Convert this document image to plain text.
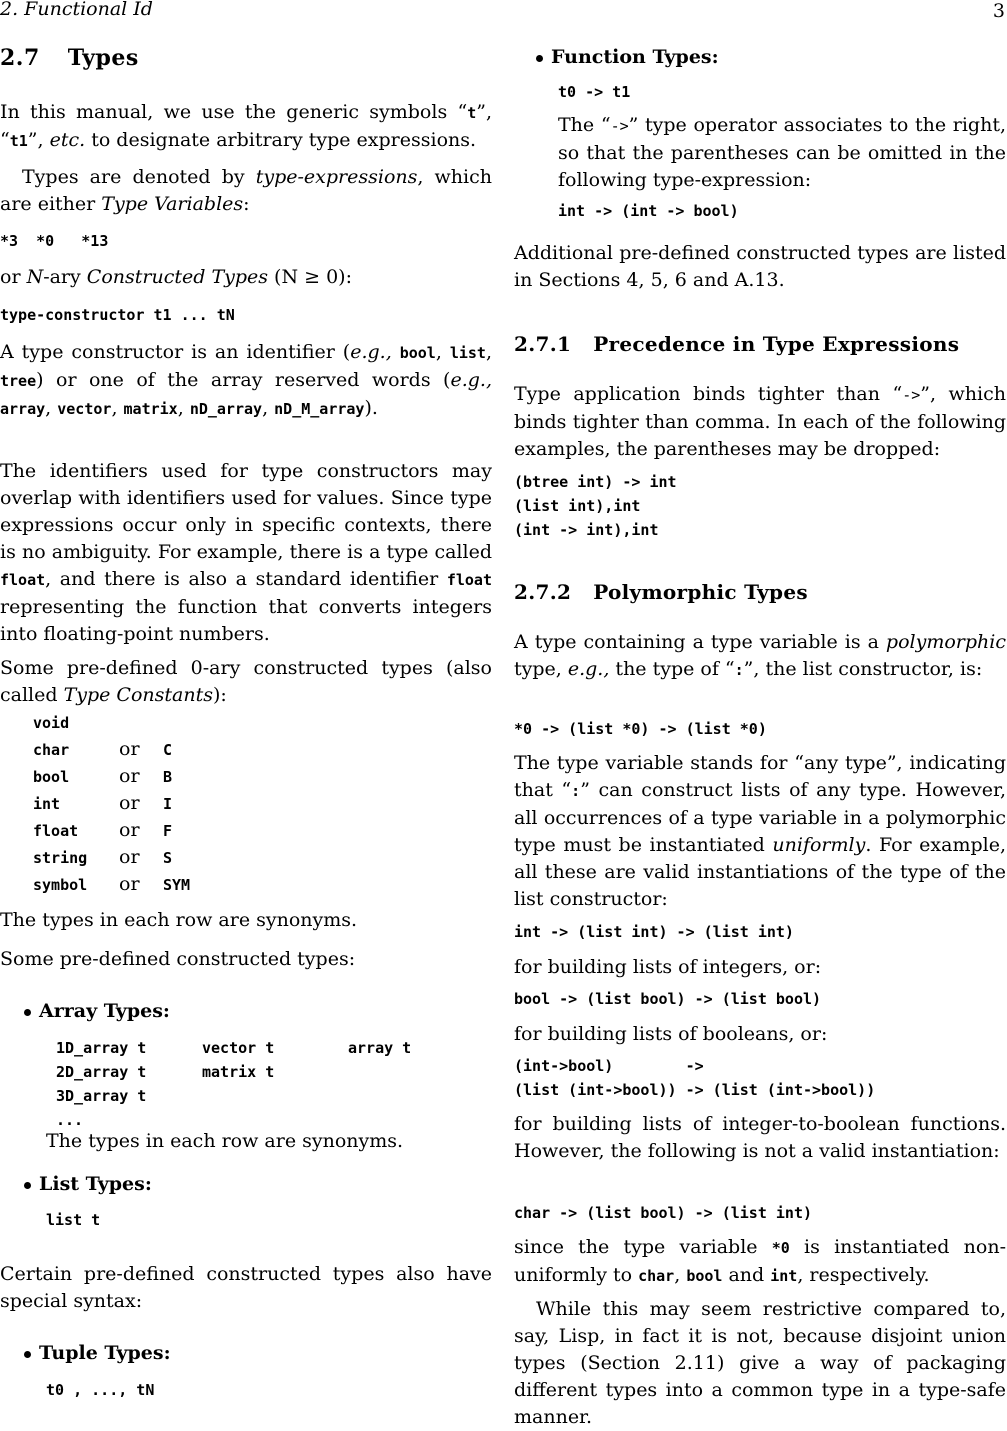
2. Functional Id	3
2.7 Types
In this manual, we use the generic symbols “t”, “t1”, etc. to designate arbitrary type expressions.
Types are denoted by type-expressions, which are either Type Variables:
*3  *0   *13
or N-ary Constructed Types (N ≥ 0):
type-constructor t1 ... tN
A type constructor is an identifier (e.g., bool, list, tree) or one of the array reserved words (e.g., array, vector, matrix, nD_array, nD_M_array).
The identifiers used for type constructors may overlap with identifiers used for values. Since type expressions occur only in specific contexts, there is no ambiguity. For example, there is a type called float, and there is also a standard identifier float representing the function that converts integers into floating-point numbers.
Some pre-defined 0-ary constructed types (also called Type Constants):
void		
char	or	C
bool	or	B
int	or	I
float	or	F
string	or	S
symbol	or	SYM
The types in each row are synonyms.
Some pre-defined constructed types:
Array Types:
1D_array t	vector t	array t
2D_array t	matrix t	
3D_array t		
...		
The types in each row are synonyms.
List Types:
list t
Certain pre-defined constructed types also have special syntax:
Tuple Types:
t0 , ..., tN
Function Types:
t0 -> t1
The “->” type operator associates to the right, so that the parentheses can be omitted in the following type-expression:
int -> (int -> bool)
Additional pre-defined constructed types are listed in Sections 4, 5, 6 and A.13.
2.7.1 Precedence in Type Expressions
Type application binds tighter than “->”, which binds tighter than comma. In each of the following examples, the parentheses may be dropped:
(btree int) -> int
(list int),int
(int -> int),int
2.7.2 Polymorphic Types
A type containing a type variable is a polymorphic type, e.g., the type of “:”, the list constructor, is:
*0 -> (list *0) -> (list *0)
The type variable stands for “any type”, indicating that “:” can construct lists of any type. However, all occurrences of a type variable in a polymorphic type must be instantiated uniformly. For example, all these are valid instantiations of the type of the list constructor:
int -> (list int) -> (list int)
for building lists of integers, or:
bool -> (list bool) -> (list bool)
for building lists of booleans, or:
(int->bool)        ->
(list (int->bool)) -> (list (int->bool))
for building lists of integer-to-boolean functions. However, the following is not a valid instantiation:
char -> (list bool) -> (list int)
since the type variable *0 is instantiated non-uniformly to char, bool and int, respectively.
While this may seem restrictive compared to, say, Lisp, in fact it is not, because disjoint union types (Section 2.11) give a way of packaging different types into a common type in a type-safe manner.
